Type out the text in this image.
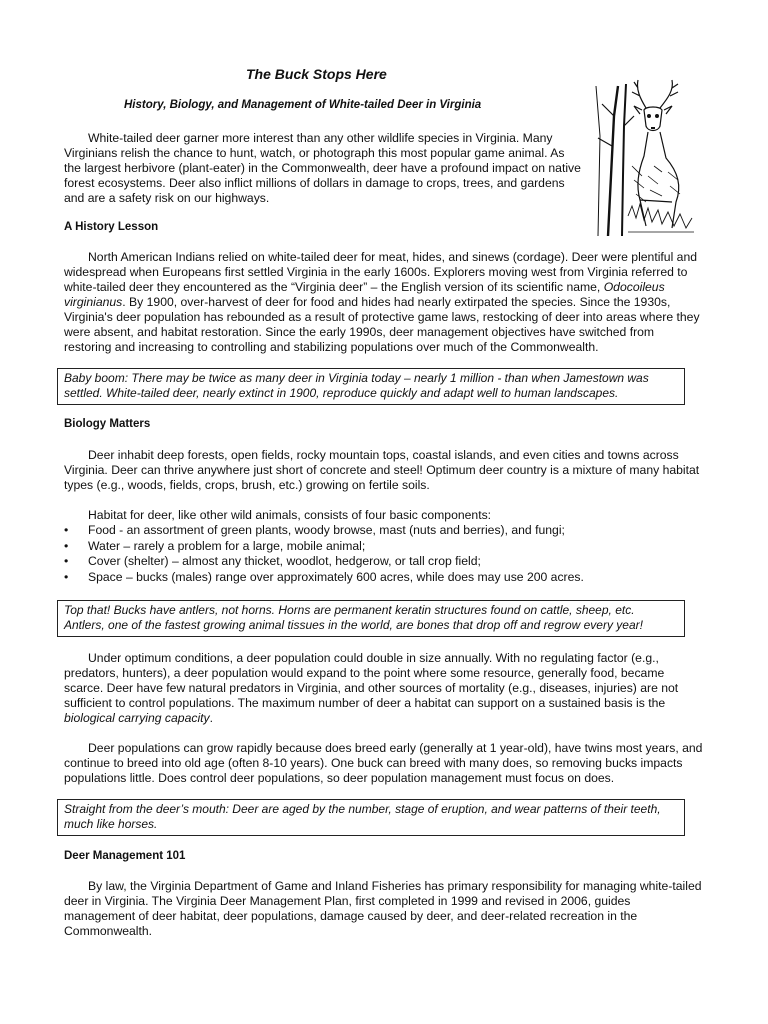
The Buck Stops Here
History, Biology, and Management of White-tailed Deer in Virginia

White-tailed deer garner more interest than any other wildlife species in Virginia. Many Virginians relish the chance to hunt, watch, or photograph this most popular game animal. As the largest herbivore (plant-eater) in the Commonwealth, deer have a profound impact on native forest ecosystems. Deer also inflict millions of dollars in damage to crops, trees, and gardens and are a safety risk on our highways.

A History Lesson

North American Indians relied on white-tailed deer for meat, hides, and sinews (cordage). Deer were plentiful and widespread when Europeans first settled Virginia in the early 1600s. Explorers moving west from Virginia referred to white-tailed deer they encountered as the “Virginia deer” – the English version of its scientific name, Odocoileus virginianus. By 1900, over-harvest of deer for food and hides had nearly extirpated the species. Since the 1930s, Virginia's deer population has rebounded as a result of protective game laws, restocking of deer into areas where they were absent, and habitat restoration. Since the early 1990s, deer management objectives have switched from restoring and increasing to controlling and stabilizing populations over much of the Commonwealth.

Baby boom: There may be twice as many deer in Virginia today – nearly 1 million - than when Jamestown was settled. White-tailed deer, nearly extinct in 1900, reproduce quickly and adapt well to human landscapes.
Biology Matters

Deer inhabit deep forests, open fields, rocky mountain tops, coastal islands, and even cities and towns across Virginia. Deer can thrive anywhere just short of concrete and steel! Optimum deer country is a mixture of many habitat types (e.g., woods, fields, crops, brush, etc.) growing on fertile soils.

Habitat for deer, like other wild animals, consists of four basic components:

• Food - an assortment of green plants, woody browse, mast (nuts and berries), and fungi;
• Water – rarely a problem for a large, mobile animal;
• Cover (shelter) – almost any thicket, woodlot, hedgerow, or tall crop field;
• Space – bucks (males) range over approximately 600 acres, while does may use 200 acres.
Top that! Bucks have antlers, not horns. Horns are permanent keratin structures found on cattle, sheep, etc. Antlers, one of the fastest growing animal tissues in the world, are bones that drop off and regrow every year!

Under optimum conditions, a deer population could double in size annually. With no regulating factor (e.g., predators, hunters), a deer population would expand to the point where some resource, generally food, became scarce. Deer have few natural predators in Virginia, and other sources of mortality (e.g., diseases, injuries) are not sufficient to control populations. The maximum number of deer a habitat can support on a sustained basis is the biological carrying capacity.

Deer populations can grow rapidly because does breed early (generally at 1 year-old), have twins most years, and continue to breed into old age (often 8-10 years). One buck can breed with many does, so removing bucks impacts populations little. Does control deer populations, so deer population management must focus on does.

Straight from the deer’s mouth: Deer are aged by the number, stage of eruption, and wear patterns of their teeth, much like horses.
Deer Management 101

By law, the Virginia Department of Game and Inland Fisheries has primary responsibility for managing white-tailed deer in Virginia. The Virginia Deer Management Plan, first completed in 1999 and revised in 2006, guides management of deer habitat, deer populations, damage caused by deer, and deer-related recreation in the Commonwealth.
